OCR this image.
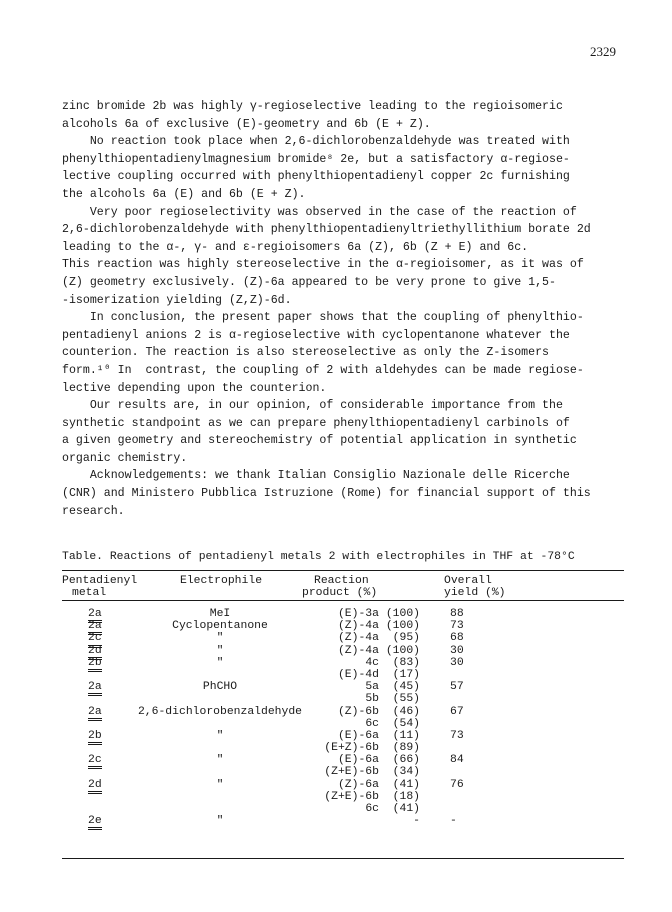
2329
zinc bromide 2b was highly γ-regioselective leading to the regioisomeric
alcohols 6a of exclusive (E)-geometry and 6b (E + Z).
No reaction took place when 2,6-dichlorobenzaldehyde was treated with
phenylthiopentadienylmagnesium bromide⁸ 2e, but a satisfactory α-regiose-
lective coupling occurred with phenylthiopentadienyl copper 2c furnishing
the alcohols 6a (E) and 6b (E + Z).
Very poor regioselectivity was observed in the case of the reaction of
2,6-dichlorobenzaldehyde with phenylthiopentadienyltriethyllithium borate 2d
leading to the α-, γ- and ε-regioisomers 6a (Z), 6b (Z + E) and 6c.
This reaction was highly stereoselective in the α-regioisomer, as it was of
(Z) geometry exclusively. (Z)-6a appeared to be very prone to give 1,5-
-isomerization yielding (Z,Z)-6d.
In conclusion, the present paper shows that the coupling of phenylthio-
pentadienyl anions 2 is α-regioselective with cyclopentanone whatever the
counterion. The reaction is also stereoselective as only the Z-isomers
form.¹⁰ In  contrast, the coupling of 2 with aldehydes can be made regiose-
lective depending upon the counterion.
Our results are, in our opinion, of considerable importance from the
synthetic standpoint as we can prepare phenylthiopentadienyl carbinols of
a given geometry and stereochemistry of potential application in synthetic
organic chemistry.
Acknowledgements: we thank Italian Consiglio Nazionale delle Ricerche
(CNR) and Ministero Pubblica Istruzione (Rome) for financial support of this
research.
Table. Reactions of pentadienyl metals 2 with electrophiles in THF at -78°C
Pentadienyl
metal
Electrophile	Reaction
product (%)
Overall
yield (%)
2a	MeI	(E)-3a (100)	88
2a	Cyclopentanone	(Z)-4a (100)	73
2c	"	(Z)-4a  (95)	68
2d	"	(Z)-4a (100)	30
2b	"	4c  (83)	30
(E)-4d  (17)
2a	PhCHO	5a  (45)	57
5b  (55)
2a	2,6-dichlorobenzaldehyde	(Z)-6b  (46)	67
6c  (54)
2b	"	(E)-6a  (11)	73
(E+Z)-6b  (89)
2c	"	(E)-6a  (66)	84
(Z+E)-6b  (34)
2d	"	(Z)-6a  (41)	76
(Z+E)-6b  (18)
6c  (41)
2e	"	-	-
